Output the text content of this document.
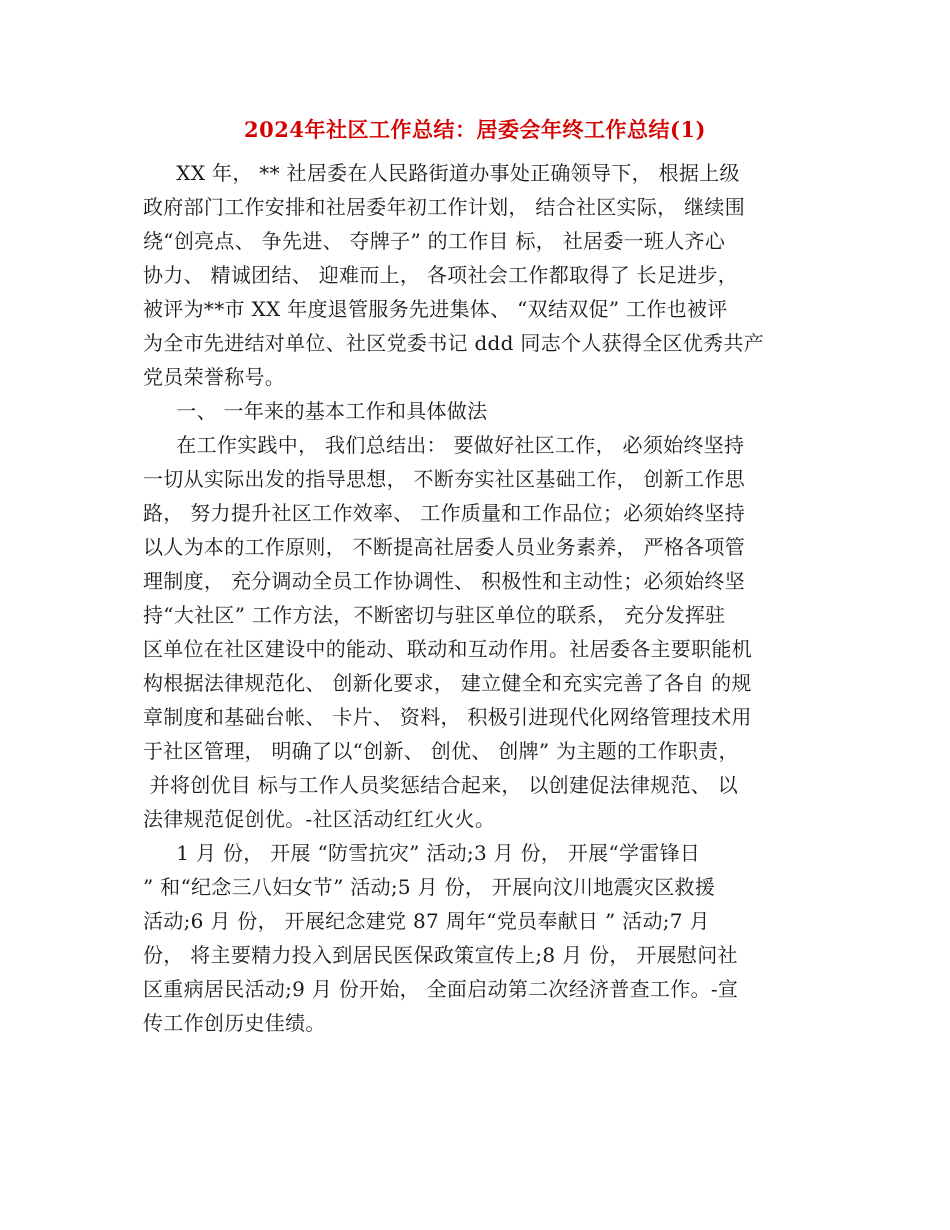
2024年社区工作总结：居委会年终工作总结(1)
XX 年， ** 社居委在人民路街道办事处正确领导下， 根据上级
政府部门工作安排和社居委年初工作计划， 结合社区实际， 继续围
绕“创亮点、 争先进、 夺牌子” 的工作目 标， 社居委一班人齐心
协力、 精诚团结、 迎难而上， 各项社会工作都取得了 长足进步，
被评为**市 XX 年度退管服务先进集体、 “双结双促” 工作也被评
为全市先进结对单位、社区党委书记 ddd 同志个人获得全区优秀共产
党员荣誉称号。
一、 一年来的基本工作和具体做法
在工作实践中， 我们总结出： 要做好社区工作， 必须始终坚持
一切从实际出发的指导思想， 不断夯实社区基础工作， 创新工作思
路， 努力提升社区工作效率、 工作质量和工作品位；必须始终坚持
以人为本的工作原则， 不断提高社居委人员业务素养， 严格各项管
理制度， 充分调动全员工作协调性、 积极性和主动性；必须始终坚
持“大社区” 工作方法，不断密切与驻区单位的联系， 充分发挥驻
区单位在社区建设中的能动、联动和互动作用。社居委各主要职能机
构根据法律规范化、 创新化要求， 建立健全和充实完善了各自 的规
章制度和基础台帐、 卡片、 资料， 积极引进现代化网络管理技术用
于社区管理， 明确了以“创新、 创优、 创牌” 为主题的工作职责，
并将创优目 标与工作人员奖惩结合起来， 以创建促法律规范、 以
法律规范促创优。-社区活动红红火火。
1 月 份， 开展 “防雪抗灾” 活动;3 月 份， 开展“学雷锋日
” 和“纪念三八妇女节” 活动;5 月 份， 开展向汶川地震灾区救援
活动;6 月 份， 开展纪念建党 87 周年“党员奉献日 ” 活动;7 月
份， 将主要精力投入到居民医保政策宣传上;8 月 份， 开展慰问社
区重病居民活动;9 月 份开始， 全面启动第二次经济普查工作。-宣
传工作创历史佳绩。
